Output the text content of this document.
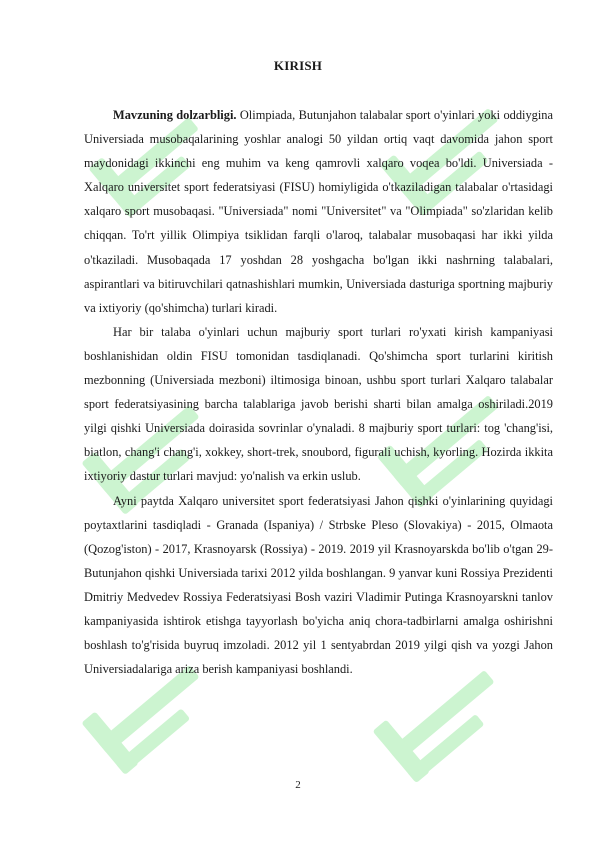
KIRISH

Mavzuning dolzarbligi. Olimpiada, Butunjahon talabalar sport o'yinlari yoki oddiygina Universiada musobaqalarining yoshlar analogi 50 yildan ortiq vaqt davomida jahon sport maydonidagi ikkinchi eng muhim va keng qamrovli xalqaro voqea bo'ldi. Universiada - Xalqaro universitet sport federatsiyasi (FISU) homiyligida o'tkaziladigan talabalar o'rtasidagi xalqaro sport musobaqasi. "Universiada" nomi "Universitet" va "Olimpiada" so'zlaridan kelib chiqqan. To'rt yillik Olimpiya tsiklidan farqli o'laroq, talabalar musobaqasi har ikki yilda o'tkaziladi. Musobaqada 17 yoshdan 28 yoshgacha bo'lgan ikki nashrning talabalari, aspirantlari va bitiruvchilari qatnashishlari mumkin, Universiada dasturiga sportning majburiy va ixtiyoriy (qo'shimcha) turlari kiradi.

Har bir talaba o'yinlari uchun majburiy sport turlari ro'yxati kirish kampaniyasi boshlanishidan oldin FISU tomonidan tasdiqlanadi. Qo'shimcha sport turlarini kiritish mezbonning (Universiada mezboni) iltimosiga binoan, ushbu sport turlari Xalqaro talabalar sport federatsiyasining barcha talablariga javob berishi sharti bilan amalga oshiriladi.2019 yilgi qishki Universiada doirasida sovrinlar o'ynaladi. 8 majburiy sport turlari: tog 'chang'isi, biatlon, chang'i chang'i, xokkey, short-trek, snoubord, figurali uchish, kyorling. Hozirda ikkita ixtiyoriy dastur turlari mavjud: yo'nalish va erkin uslub.

Ayni paytda Xalqaro universitet sport federatsiyasi Jahon qishki o'yinlarining quyidagi poytaxtlarini tasdiqladi - Granada (Ispaniya) / Strbske Pleso (Slovakiya) - 2015, Olmaota (Qozog'iston) - 2017, Krasnoyarsk (Rossiya) - 2019. 2019 yil Krasnoyarskda bo'lib o'tgan 29-Butunjahon qishki Universiada tarixi 2012 yilda boshlangan. 9 yanvar kuni Rossiya Prezidenti Dmitriy Medvedev Rossiya Federatsiyasi Bosh vaziri Vladimir Putinga Krasnoyarskni tanlov kampaniyasida ishtirok etishga tayyorlash bo'yicha aniq chora-tadbirlarni amalga oshirishni boshlash to'g'risida buyruq imzoladi. 2012 yil 1 sentyabrdan 2019 yilgi qish va yozgi Jahon Universiadalariga ariza berish kampaniyasi boshlandi.

2
